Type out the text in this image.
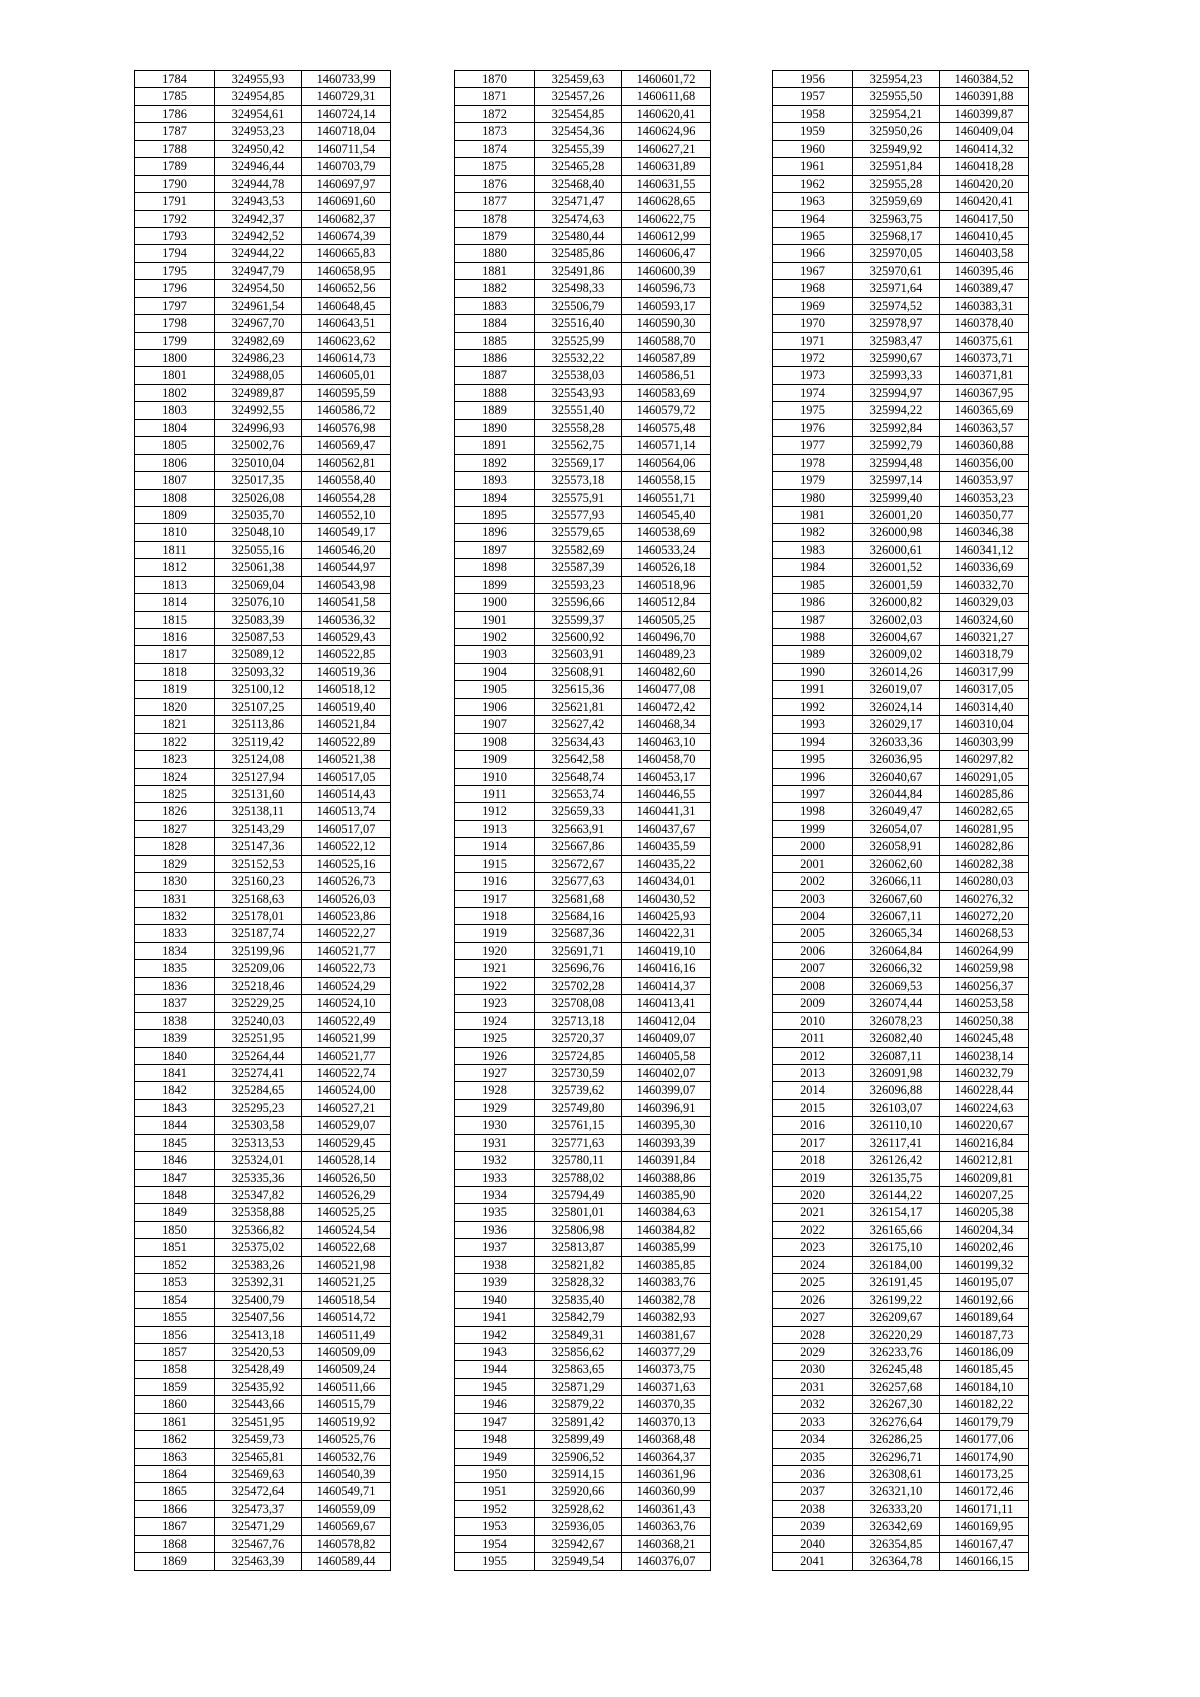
1784	324955,93	1460733,99
1785	324954,85	1460729,31
1786	324954,61	1460724,14
1787	324953,23	1460718,04
1788	324950,42	1460711,54
1789	324946,44	1460703,79
1790	324944,78	1460697,97
1791	324943,53	1460691,60
1792	324942,37	1460682,37
1793	324942,52	1460674,39
1794	324944,22	1460665,83
1795	324947,79	1460658,95
1796	324954,50	1460652,56
1797	324961,54	1460648,45
1798	324967,70	1460643,51
1799	324982,69	1460623,62
1800	324986,23	1460614,73
1801	324988,05	1460605,01
1802	324989,87	1460595,59
1803	324992,55	1460586,72
1804	324996,93	1460576,98
1805	325002,76	1460569,47
1806	325010,04	1460562,81
1807	325017,35	1460558,40
1808	325026,08	1460554,28
1809	325035,70	1460552,10
1810	325048,10	1460549,17
1811	325055,16	1460546,20
1812	325061,38	1460544,97
1813	325069,04	1460543,98
1814	325076,10	1460541,58
1815	325083,39	1460536,32
1816	325087,53	1460529,43
1817	325089,12	1460522,85
1818	325093,32	1460519,36
1819	325100,12	1460518,12
1820	325107,25	1460519,40
1821	325113,86	1460521,84
1822	325119,42	1460522,89
1823	325124,08	1460521,38
1824	325127,94	1460517,05
1825	325131,60	1460514,43
1826	325138,11	1460513,74
1827	325143,29	1460517,07
1828	325147,36	1460522,12
1829	325152,53	1460525,16
1830	325160,23	1460526,73
1831	325168,63	1460526,03
1832	325178,01	1460523,86
1833	325187,74	1460522,27
1834	325199,96	1460521,77
1835	325209,06	1460522,73
1836	325218,46	1460524,29
1837	325229,25	1460524,10
1838	325240,03	1460522,49
1839	325251,95	1460521,99
1840	325264,44	1460521,77
1841	325274,41	1460522,74
1842	325284,65	1460524,00
1843	325295,23	1460527,21
1844	325303,58	1460529,07
1845	325313,53	1460529,45
1846	325324,01	1460528,14
1847	325335,36	1460526,50
1848	325347,82	1460526,29
1849	325358,88	1460525,25
1850	325366,82	1460524,54
1851	325375,02	1460522,68
1852	325383,26	1460521,98
1853	325392,31	1460521,25
1854	325400,79	1460518,54
1855	325407,56	1460514,72
1856	325413,18	1460511,49
1857	325420,53	1460509,09
1858	325428,49	1460509,24
1859	325435,92	1460511,66
1860	325443,66	1460515,79
1861	325451,95	1460519,92
1862	325459,73	1460525,76
1863	325465,81	1460532,76
1864	325469,63	1460540,39
1865	325472,64	1460549,71
1866	325473,37	1460559,09
1867	325471,29	1460569,67
1868	325467,76	1460578,82
1869	325463,39	1460589,44
1870	325459,63	1460601,72
1871	325457,26	1460611,68
1872	325454,85	1460620,41
1873	325454,36	1460624,96
1874	325455,39	1460627,21
1875	325465,28	1460631,89
1876	325468,40	1460631,55
1877	325471,47	1460628,65
1878	325474,63	1460622,75
1879	325480,44	1460612,99
1880	325485,86	1460606,47
1881	325491,86	1460600,39
1882	325498,33	1460596,73
1883	325506,79	1460593,17
1884	325516,40	1460590,30
1885	325525,99	1460588,70
1886	325532,22	1460587,89
1887	325538,03	1460586,51
1888	325543,93	1460583,69
1889	325551,40	1460579,72
1890	325558,28	1460575,48
1891	325562,75	1460571,14
1892	325569,17	1460564,06
1893	325573,18	1460558,15
1894	325575,91	1460551,71
1895	325577,93	1460545,40
1896	325579,65	1460538,69
1897	325582,69	1460533,24
1898	325587,39	1460526,18
1899	325593,23	1460518,96
1900	325596,66	1460512,84
1901	325599,37	1460505,25
1902	325600,92	1460496,70
1903	325603,91	1460489,23
1904	325608,91	1460482,60
1905	325615,36	1460477,08
1906	325621,81	1460472,42
1907	325627,42	1460468,34
1908	325634,43	1460463,10
1909	325642,58	1460458,70
1910	325648,74	1460453,17
1911	325653,74	1460446,55
1912	325659,33	1460441,31
1913	325663,91	1460437,67
1914	325667,86	1460435,59
1915	325672,67	1460435,22
1916	325677,63	1460434,01
1917	325681,68	1460430,52
1918	325684,16	1460425,93
1919	325687,36	1460422,31
1920	325691,71	1460419,10
1921	325696,76	1460416,16
1922	325702,28	1460414,37
1923	325708,08	1460413,41
1924	325713,18	1460412,04
1925	325720,37	1460409,07
1926	325724,85	1460405,58
1927	325730,59	1460402,07
1928	325739,62	1460399,07
1929	325749,80	1460396,91
1930	325761,15	1460395,30
1931	325771,63	1460393,39
1932	325780,11	1460391,84
1933	325788,02	1460388,86
1934	325794,49	1460385,90
1935	325801,01	1460384,63
1936	325806,98	1460384,82
1937	325813,87	1460385,99
1938	325821,82	1460385,85
1939	325828,32	1460383,76
1940	325835,40	1460382,78
1941	325842,79	1460382,93
1942	325849,31	1460381,67
1943	325856,62	1460377,29
1944	325863,65	1460373,75
1945	325871,29	1460371,63
1946	325879,22	1460370,35
1947	325891,42	1460370,13
1948	325899,49	1460368,48
1949	325906,52	1460364,37
1950	325914,15	1460361,96
1951	325920,66	1460360,99
1952	325928,62	1460361,43
1953	325936,05	1460363,76
1954	325942,67	1460368,21
1955	325949,54	1460376,07
1956	325954,23	1460384,52
1957	325955,50	1460391,88
1958	325954,21	1460399,87
1959	325950,26	1460409,04
1960	325949,92	1460414,32
1961	325951,84	1460418,28
1962	325955,28	1460420,20
1963	325959,69	1460420,41
1964	325963,75	1460417,50
1965	325968,17	1460410,45
1966	325970,05	1460403,58
1967	325970,61	1460395,46
1968	325971,64	1460389,47
1969	325974,52	1460383,31
1970	325978,97	1460378,40
1971	325983,47	1460375,61
1972	325990,67	1460373,71
1973	325993,33	1460371,81
1974	325994,97	1460367,95
1975	325994,22	1460365,69
1976	325992,84	1460363,57
1977	325992,79	1460360,88
1978	325994,48	1460356,00
1979	325997,14	1460353,97
1980	325999,40	1460353,23
1981	326001,20	1460350,77
1982	326000,98	1460346,38
1983	326000,61	1460341,12
1984	326001,52	1460336,69
1985	326001,59	1460332,70
1986	326000,82	1460329,03
1987	326002,03	1460324,60
1988	326004,67	1460321,27
1989	326009,02	1460318,79
1990	326014,26	1460317,99
1991	326019,07	1460317,05
1992	326024,14	1460314,40
1993	326029,17	1460310,04
1994	326033,36	1460303,99
1995	326036,95	1460297,82
1996	326040,67	1460291,05
1997	326044,84	1460285,86
1998	326049,47	1460282,65
1999	326054,07	1460281,95
2000	326058,91	1460282,86
2001	326062,60	1460282,38
2002	326066,11	1460280,03
2003	326067,60	1460276,32
2004	326067,11	1460272,20
2005	326065,34	1460268,53
2006	326064,84	1460264,99
2007	326066,32	1460259,98
2008	326069,53	1460256,37
2009	326074,44	1460253,58
2010	326078,23	1460250,38
2011	326082,40	1460245,48
2012	326087,11	1460238,14
2013	326091,98	1460232,79
2014	326096,88	1460228,44
2015	326103,07	1460224,63
2016	326110,10	1460220,67
2017	326117,41	1460216,84
2018	326126,42	1460212,81
2019	326135,75	1460209,81
2020	326144,22	1460207,25
2021	326154,17	1460205,38
2022	326165,66	1460204,34
2023	326175,10	1460202,46
2024	326184,00	1460199,32
2025	326191,45	1460195,07
2026	326199,22	1460192,66
2027	326209,67	1460189,64
2028	326220,29	1460187,73
2029	326233,76	1460186,09
2030	326245,48	1460185,45
2031	326257,68	1460184,10
2032	326267,30	1460182,22
2033	326276,64	1460179,79
2034	326286,25	1460177,06
2035	326296,71	1460174,90
2036	326308,61	1460173,25
2037	326321,10	1460172,46
2038	326333,20	1460171,11
2039	326342,69	1460169,95
2040	326354,85	1460167,47
2041	326364,78	1460166,15
